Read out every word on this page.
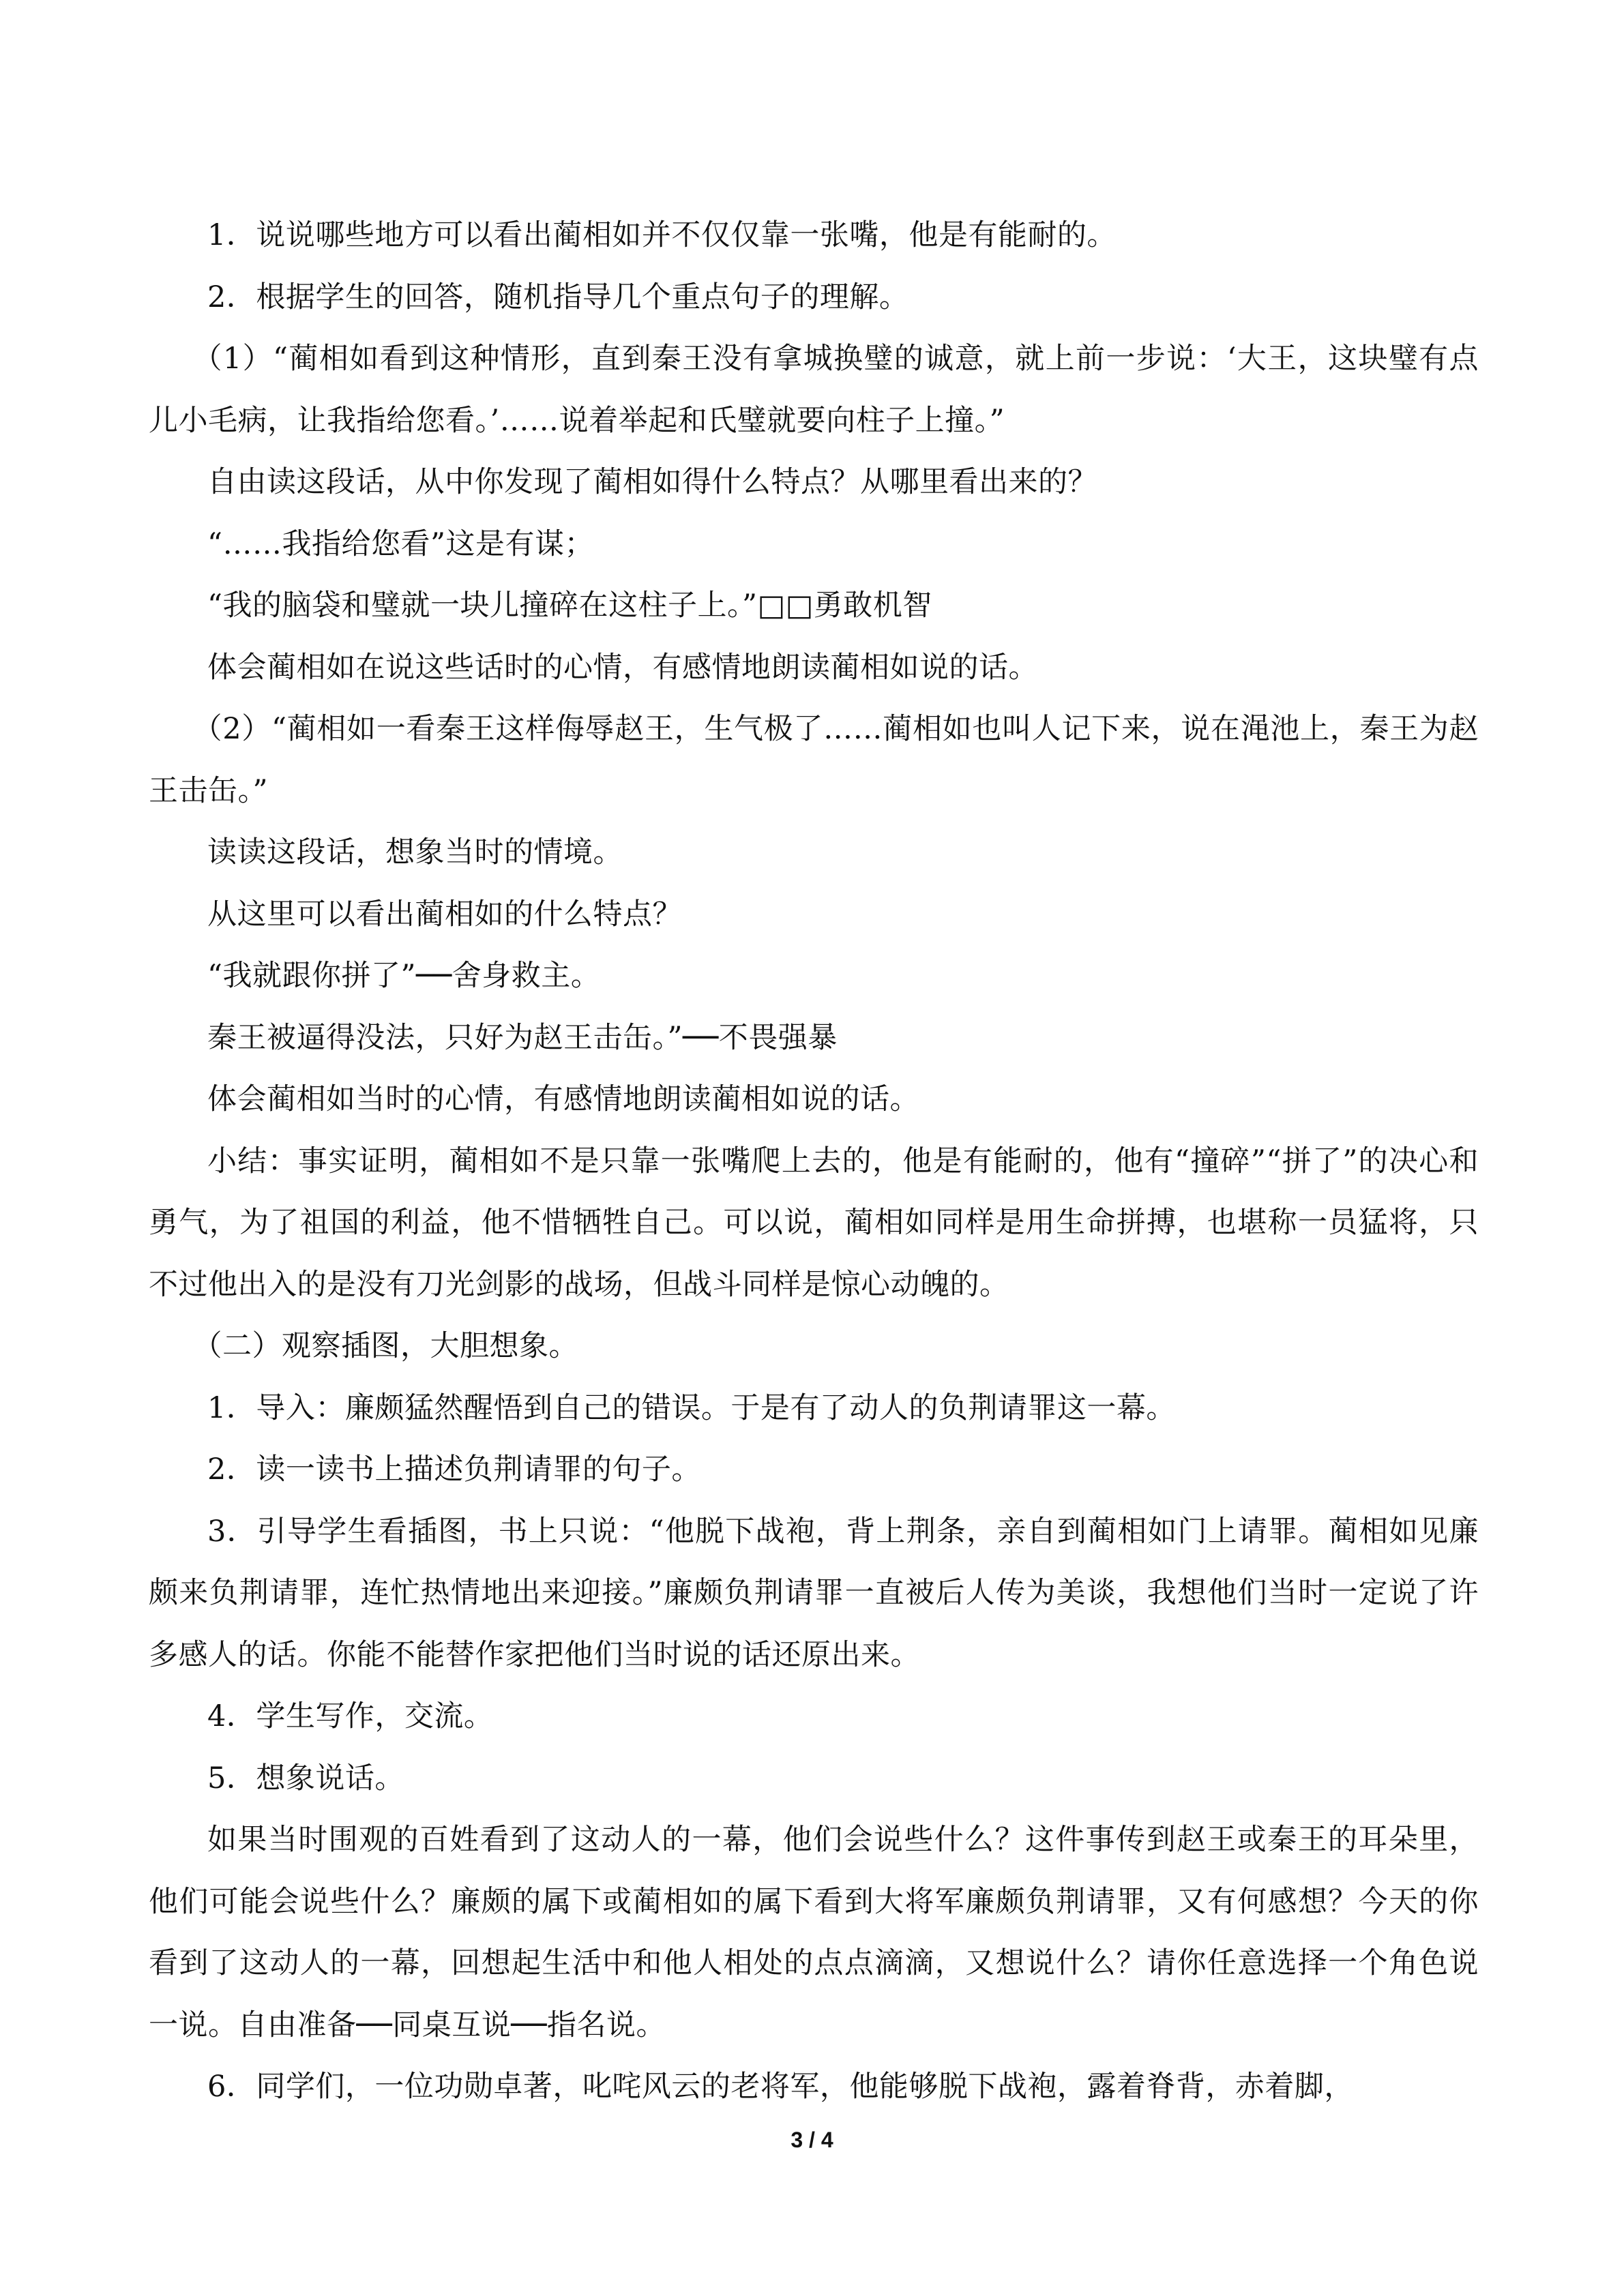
1．说说哪些地方可以看出蔺相如并不仅仅靠一张嘴，他是有能耐的。

2．根据学生的回答，随机指导几个重点句子的理解。

（1）“蔺相如看到这种情形，直到秦王没有拿城换璧的诚意，就上前一步说：‘大王，这块璧有点儿小毛病，让我指给您看。’……说着举起和氏璧就要向柱子上撞。”

自由读这段话，从中你发现了蔺相如得什么特点？从哪里看出来的？

“……我指给您看”这是有谋；

“我的脑袋和璧就一块儿撞碎在这柱子上。”□□勇敢机智

体会蔺相如在说这些话时的心情，有感情地朗读蔺相如说的话。

（2）“蔺相如一看秦王这样侮辱赵王，生气极了……蔺相如也叫人记下来，说在渑池上，秦王为赵王击缶。”

读读这段话，想象当时的情境。

从这里可以看出蔺相如的什么特点？

“我就跟你拼了”──舍身救主。

秦王被逼得没法，只好为赵王击缶。”──不畏强暴

体会蔺相如当时的心情，有感情地朗读蔺相如说的话。

小结：事实证明，蔺相如不是只靠一张嘴爬上去的，他是有能耐的，他有“撞碎”“拼了”的决心和勇气，为了祖国的利益，他不惜牺牲自己。可以说，蔺相如同样是用生命拼搏，也堪称一员猛将，只不过他出入的是没有刀光剑影的战场，但战斗同样是惊心动魄的。

（二）观察插图，大胆想象。

1．导入：廉颇猛然醒悟到自己的错误。于是有了动人的负荆请罪这一幕。

2．读一读书上描述负荆请罪的句子。

3．引导学生看插图，书上只说：“他脱下战袍，背上荆条，亲自到蔺相如门上请罪。蔺相如见廉颇来负荆请罪，连忙热情地出来迎接。”廉颇负荆请罪一直被后人传为美谈，我想他们当时一定说了许多感人的话。你能不能替作家把他们当时说的话还原出来。

4．学生写作，交流。

5．想象说话。

如果当时围观的百姓看到了这动人的一幕，他们会说些什么？这件事传到赵王或秦王的耳朵里，他们可能会说些什么？廉颇的属下或蔺相如的属下看到大将军廉颇负荆请罪，又有何感想？今天的你看到了这动人的一幕，回想起生活中和他人相处的点点滴滴，又想说什么？请你任意选择一个角色说一说。自由准备──同桌互说──指名说。

6．同学们，一位功勋卓著，叱咤风云的老将军，他能够脱下战袍，露着脊背，赤着脚，

3 / 4
